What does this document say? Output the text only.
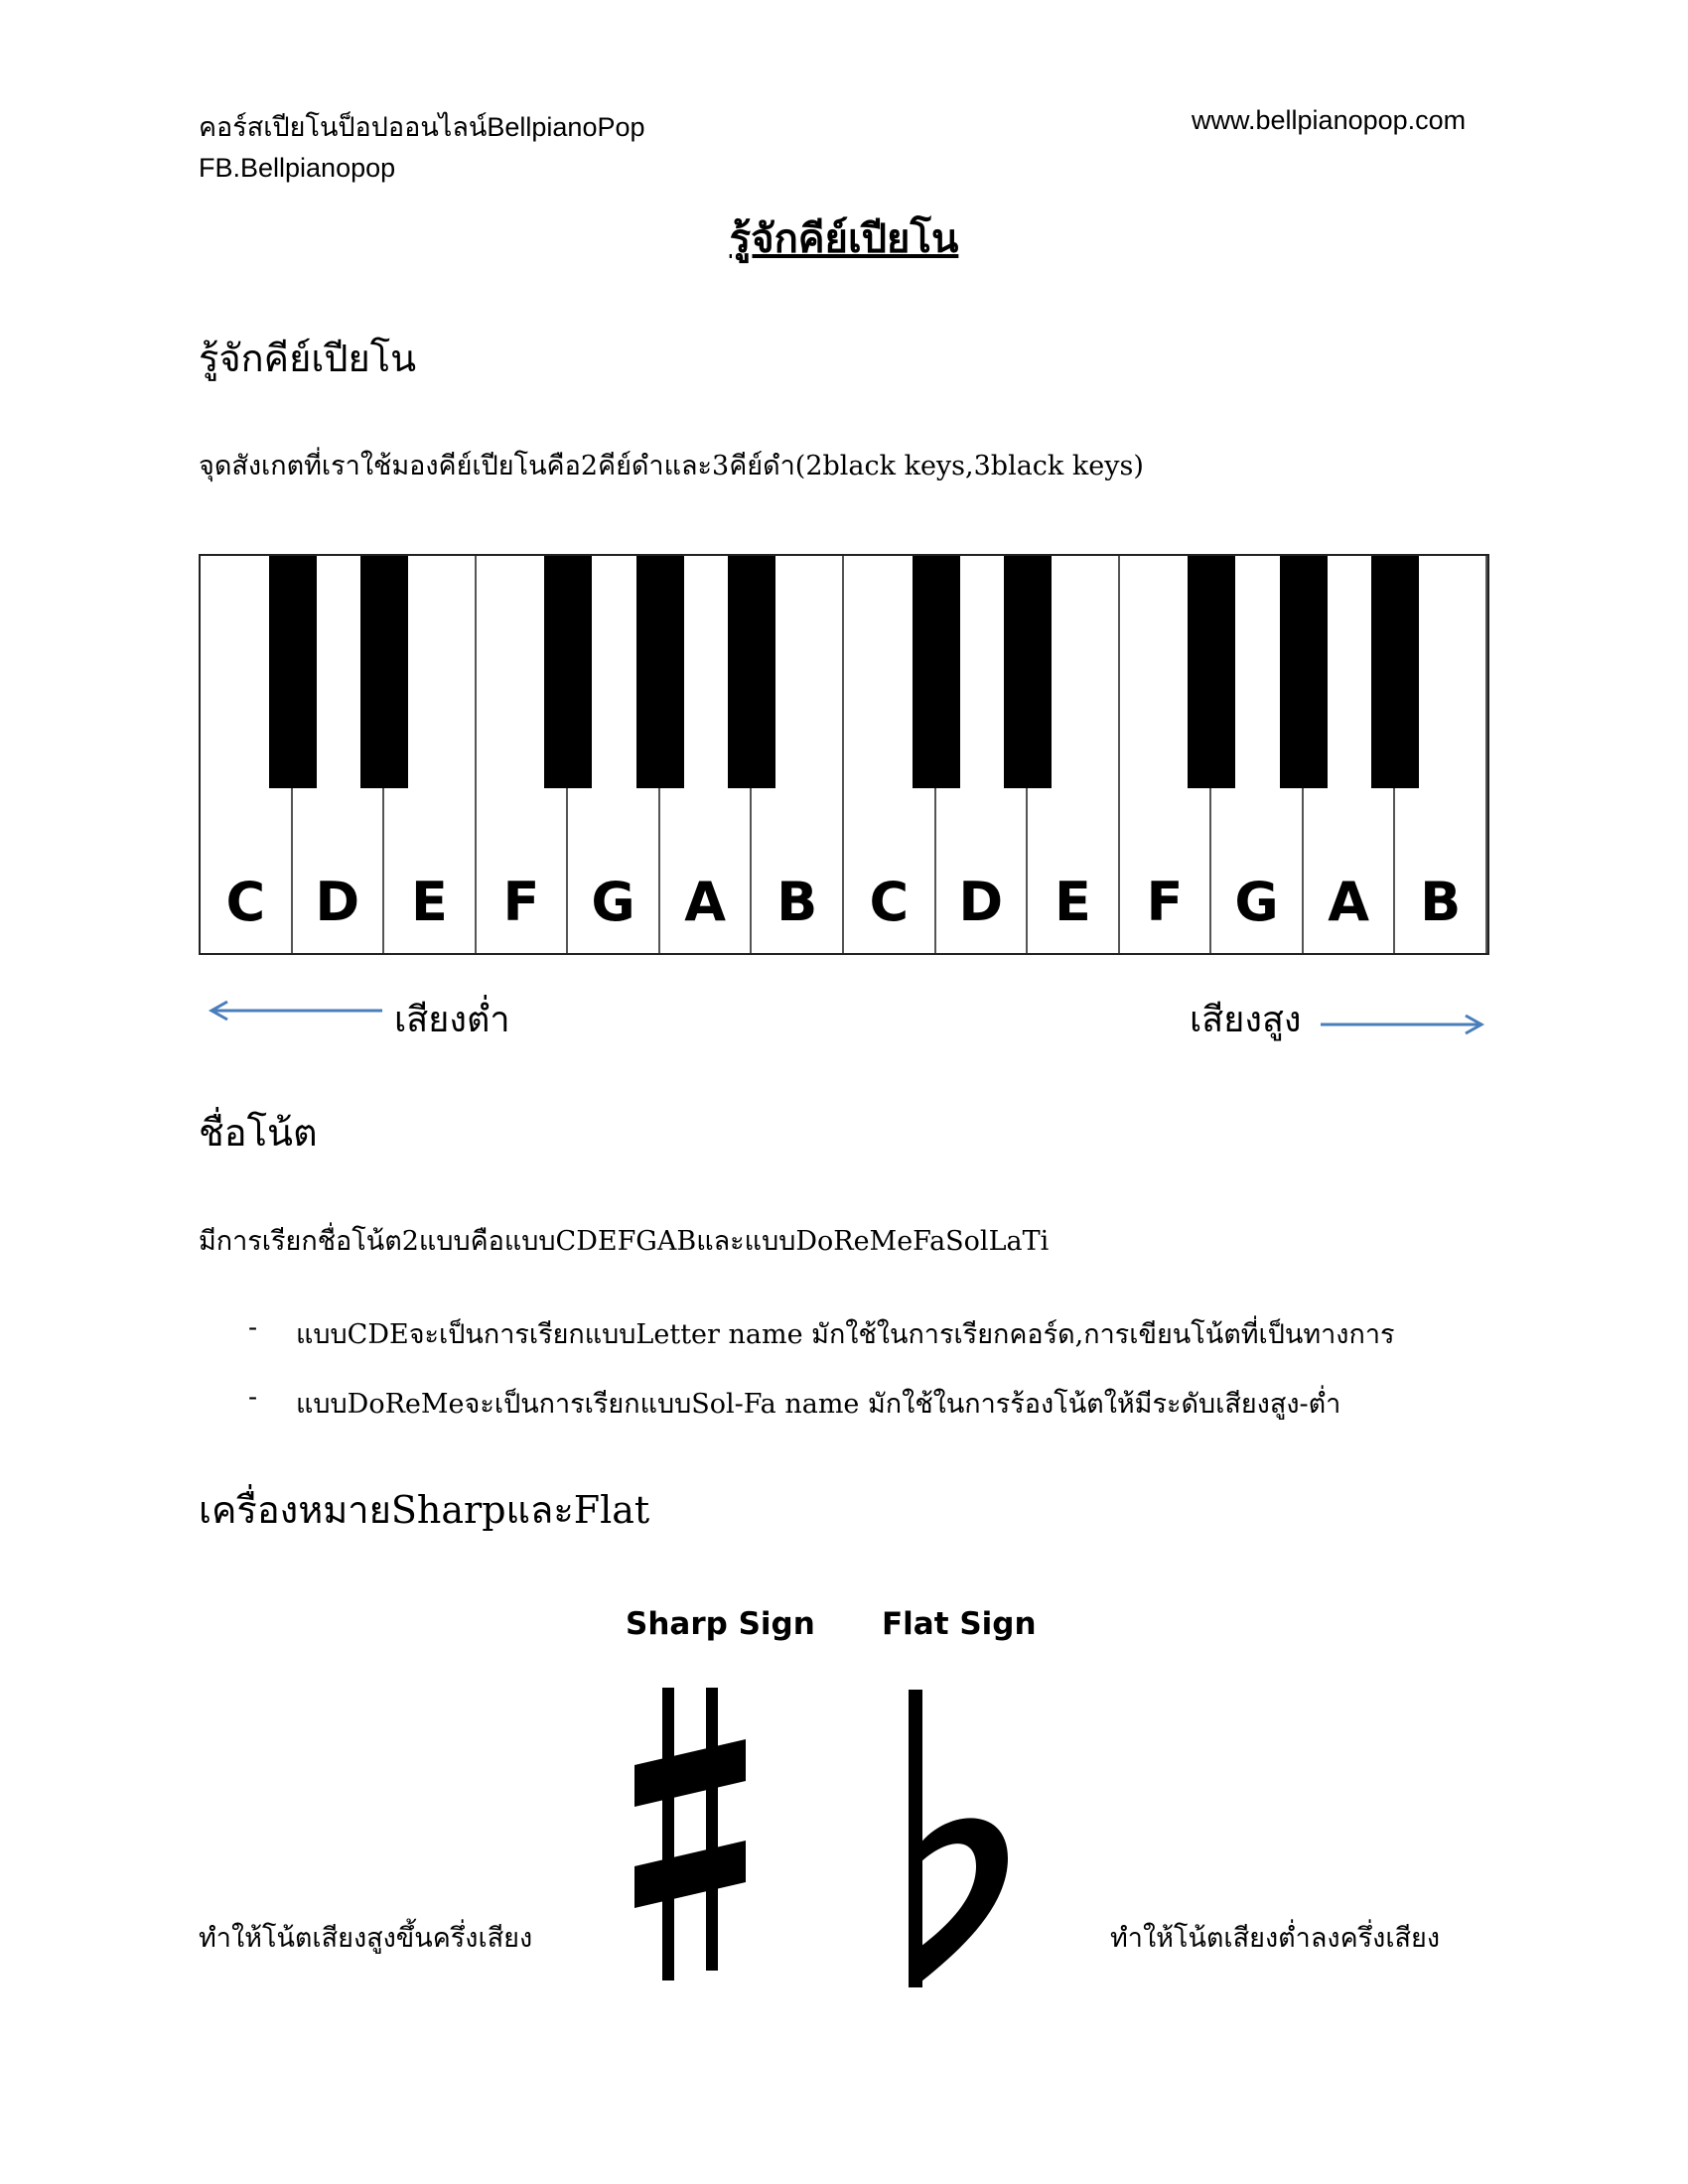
คอร์สเปียโนป็อปออนไลน์BellpianoPop	www.bellpianopop.com
FB.Bellpianopop
รู้จักคีย์เปียโน
รู้จักคีย์เปียโน
จุดสังเกตที่เราใช้มองคีย์เปียโนคือ2คีย์ดำและ3คีย์ดำ(2black keys,3black keys)
C D E	F G A B C D E	F G A B
เสียงต่ำ	เสียงสูง
ชื่อโน้ต
มีการเรียกชื่อโน้ต2แบบคือแบบCDEFGABและแบบDoReMeFaSolLaTi
- แบบCDEจะเป็นการเรียกแบบLetter name มักใช้ในการเรียกคอร์ด,การเขียนโน้ตที่เป็นทางการ
- แบบDoReMeจะเป็นการเรียกแบบSol-Fa name มักใช้ในการร้องโน้ตให้มีระดับเสียงสูง-ต่ำ
เครื่องหมายSharpและFlat
Sharp Sign Flat Sign
ทำให้โน้ตเสียงสูงขึ้นครึ่งเสียง	ทำให้โน้ตเสียงต่ำลงครึ่งเสียง
